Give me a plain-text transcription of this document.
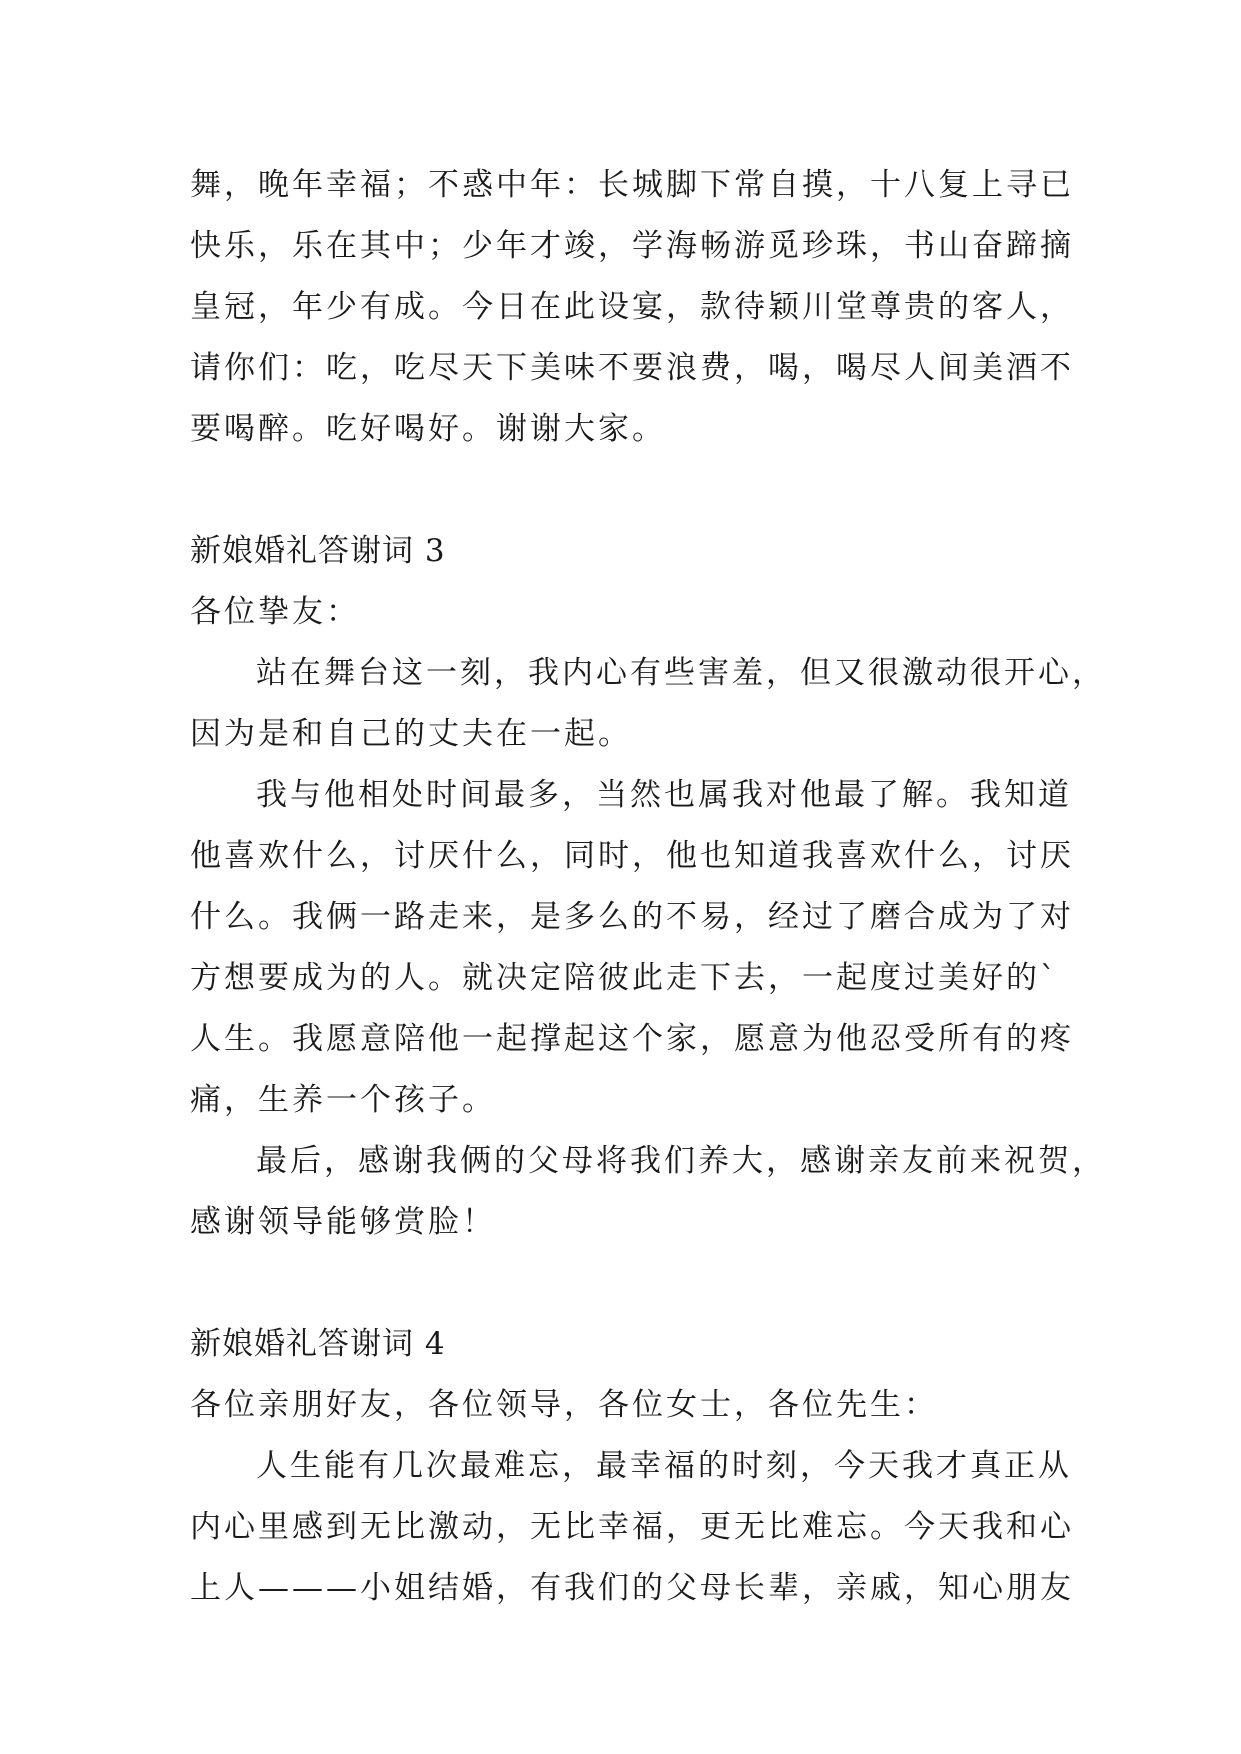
舞，晚年幸福；不惑中年：长城脚下常自摸，十八复上寻已

快乐，乐在其中；少年才竣，学海畅游觅珍珠，书山奋蹄摘

皇冠，年少有成。今日在此设宴，款待颖川堂尊贵的客人，

请你们：吃，吃尽天下美味不要浪费，喝，喝尽人间美酒不

要喝醉。吃好喝好。谢谢大家。

新娘婚礼答谢词 3

各位挚友：

站在舞台这一刻，我内心有些害羞，但又很激动很开心，

因为是和自己的丈夫在一起。

我与他相处时间最多，当然也属我对他最了解。我知道

他喜欢什么，讨厌什么，同时，他也知道我喜欢什么，讨厌

什么。我俩一路走来，是多么的不易，经过了磨合成为了对

方想要成为的人。就决定陪彼此走下去，一起度过美好的`

人生。我愿意陪他一起撑起这个家，愿意为他忍受所有的疼

痛，生养一个孩子。

最后，感谢我俩的父母将我们养大，感谢亲友前来祝贺，

感谢领导能够赏脸！

新娘婚礼答谢词 4

各位亲朋好友，各位领导，各位女士，各位先生：

人生能有几次最难忘，最幸福的时刻，今天我才真正从

内心里感到无比激动，无比幸福，更无比难忘。今天我和心

上人———小姐结婚，有我们的父母长辈，亲戚，知心朋友
